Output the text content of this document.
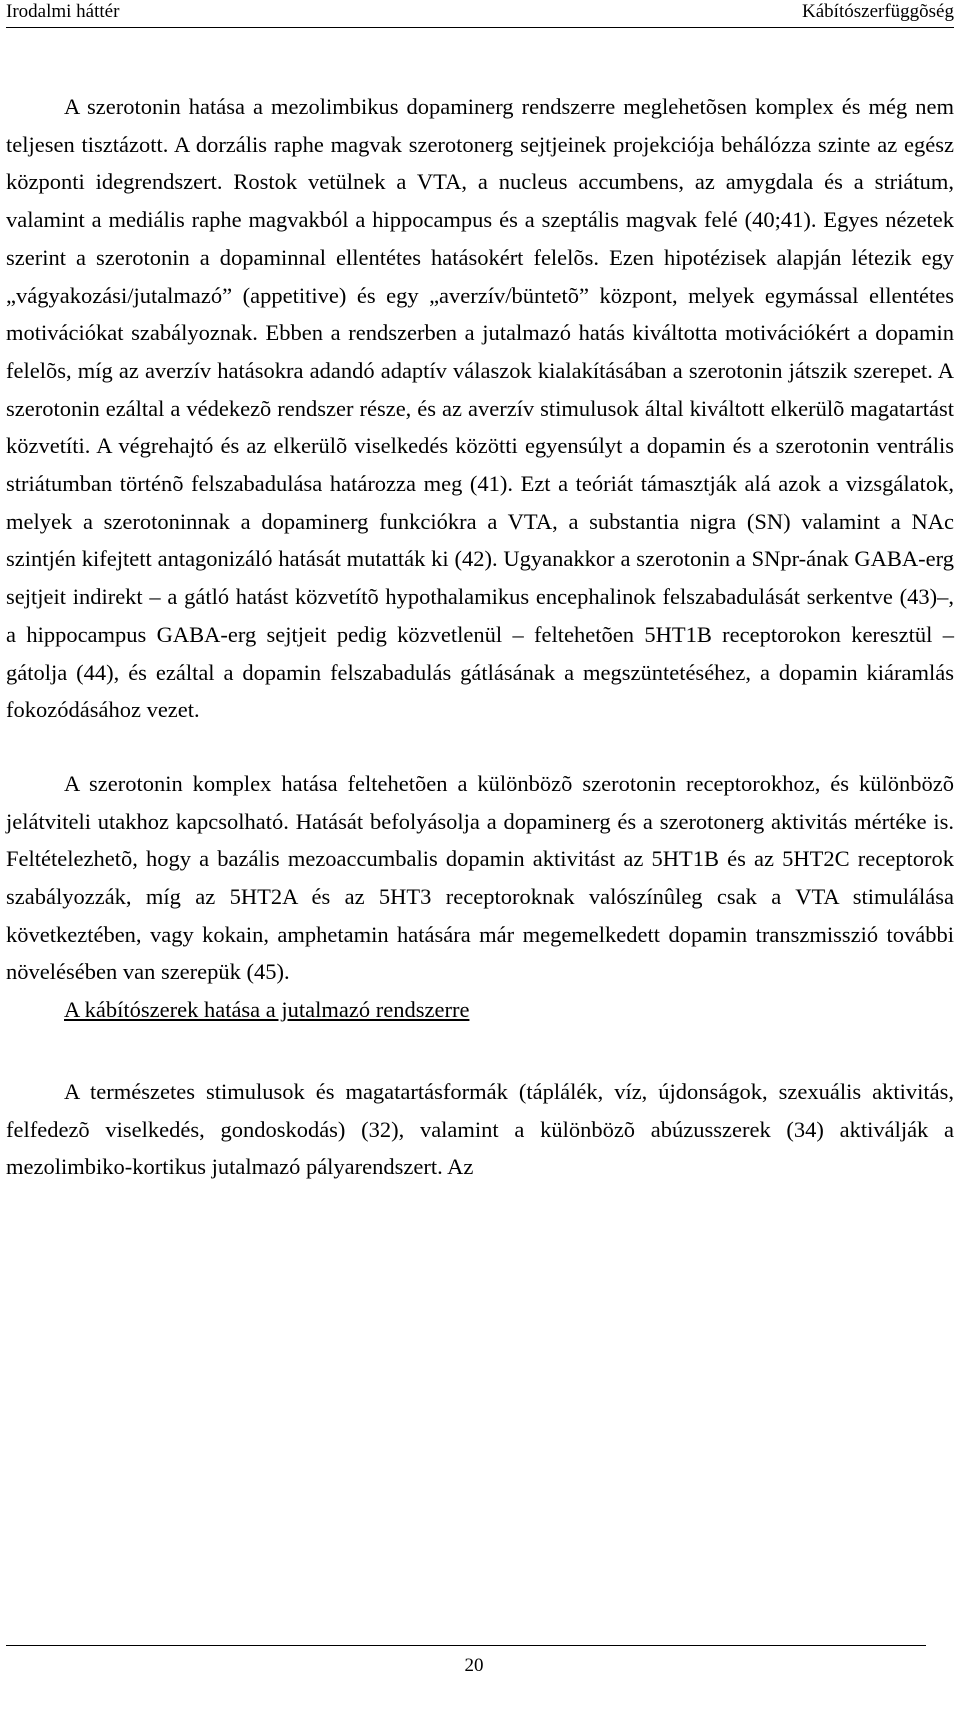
Irodalmi háttér	Kábítószerfüggõség

A szerotonin hatása a mezolimbikus dopaminerg rendszerre meglehetõsen komplex és még nem teljesen tisztázott. A dorzális raphe magvak szerotonerg sejtjeinek projekciója behálózza szinte az egész központi idegrendszert. Rostok vetülnek a VTA, a nucleus accumbens, az amygdala és a striátum, valamint a mediális raphe magvakból a hippocampus és a szeptális magvak felé (40;41). Egyes nézetek szerint a szerotonin a dopaminnal ellentétes hatásokért felelõs. Ezen hipotézisek alapján létezik egy „vágyakozási/jutalmazó” (appetitive) és egy „averzív/büntetõ” központ, melyek egymással ellentétes motivációkat szabályoznak. Ebben a rendszerben a jutalmazó hatás kiváltotta motivációkért a dopamin felelõs, míg az averzív hatásokra adandó adaptív válaszok kialakításában a szerotonin játszik szerepet. A szerotonin ezáltal a védekezõ rendszer része, és az averzív stimulusok által kiváltott elkerülõ magatartást közvetíti. A végrehajtó és az elkerülõ viselkedés közötti egyensúlyt a dopamin és a szerotonin ventrális striátumban történõ felszabadulása határozza meg (41). Ezt a teóriát támasztják alá azok a vizsgálatok, melyek a szerotoninnak a dopaminerg funkciókra a VTA, a substantia nigra (SN) valamint a NAc szintjén kifejtett antagonizáló hatását mutatták ki (42). Ugyanakkor a szerotonin a SNpr-ának GABA-erg sejtjeit indirekt – a gátló hatást közvetítõ hypothalamikus encephalinok felszabadulását serkentve (43)–, a hippocampus GABA-erg sejtjeit pedig közvetlenül – feltehetõen 5HT1B receptorokon keresztül – gátolja (44), és ezáltal a dopamin felszabadulás gátlásának a megszüntetéséhez, a dopamin kiáramlás fokozódásához vezet.

A szerotonin komplex hatása feltehetõen a különbözõ szerotonin receptorokhoz, és különbözõ jelátviteli utakhoz kapcsolható. Hatását befolyásolja a dopaminerg és a szerotonerg aktivitás mértéke is. Feltételezhetõ, hogy a bazális mezoaccumbalis dopamin aktivitást az 5HT1B és az 5HT2C receptorok szabályozzák, míg az 5HT2A és az 5HT3 receptoroknak valószínûleg csak a VTA stimulálása következtében, vagy kokain, amphetamin hatására már megemelkedett dopamin transzmisszió további növelésében van szerepük (45).

A kábítószerek hatása a jutalmazó rendszerre

A természetes stimulusok és magatartásformák (táplálék, víz, újdonságok, szexuális aktivitás, felfedezõ viselkedés, gondoskodás) (32), valamint a különbözõ abúzusszerek (34) aktiválják a mezolimbiko-kortikus jutalmazó pályarendszert. Az

20
